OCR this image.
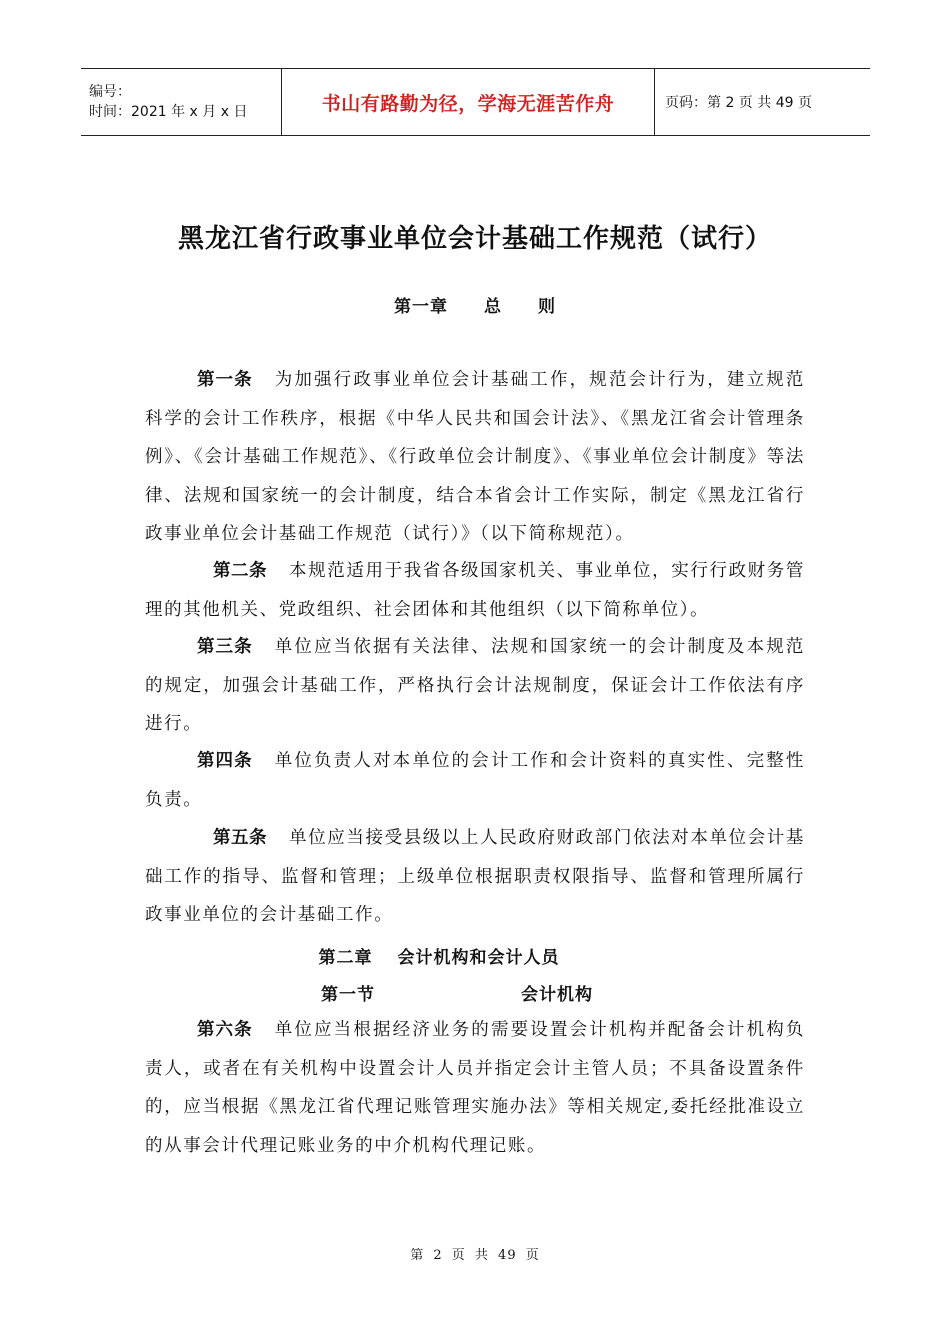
编号：
时间：2021 年 x 月 x 日	书山有路勤为径，学海无涯苦作舟	页码：第 2 页 共 49 页
黑龙江省行政事业单位会计基础工作规范（试行）
第一章　　总　　则

第一条 为加强行政事业单位会计基础工作，规范会计行为，建立规范科学的会计工作秩序，根据《中华人民共和国会计法》、《黑龙江省会计管理条例》、《会计基础工作规范》、《行政单位会计制度》、《事业单位会计制度》等法律、法规和国家统一的会计制度，结合本省会计工作实际，制定《黑龙江省行政事业单位会计基础工作规范（试行）》（以下简称规范）。

第二条 本规范适用于我省各级国家机关、事业单位，实行行政财务管理的其他机关、党政组织、社会团体和其他组织（以下简称单位）。

第三条 单位应当依据有关法律、法规和国家统一的会计制度及本规范的规定，加强会计基础工作，严格执行会计法规制度，保证会计工作依法有序进行。

第四条 单位负责人对本单位的会计工作和会计资料的真实性、完整性负责。

第五条 单位应当接受县级以上人民政府财政部门依法对本单位会计基础工作的指导、监督和管理；上级单位根据职责权限指导、监督和管理所属行政事业单位的会计基础工作。

第二章　 会计机构和会计人员
第一节	会计机构

第六条 单位应当根据经济业务的需要设置会计机构并配备会计机构负责人，或者在有关机构中设置会计人员并指定会计主管人员；不具备设置条件的，应当根据《黑龙江省代理记账管理实施办法》等相关规定,委托经批准设立的从事会计代理记账业务的中介机构代理记账。

第 2 页 共 49 页
